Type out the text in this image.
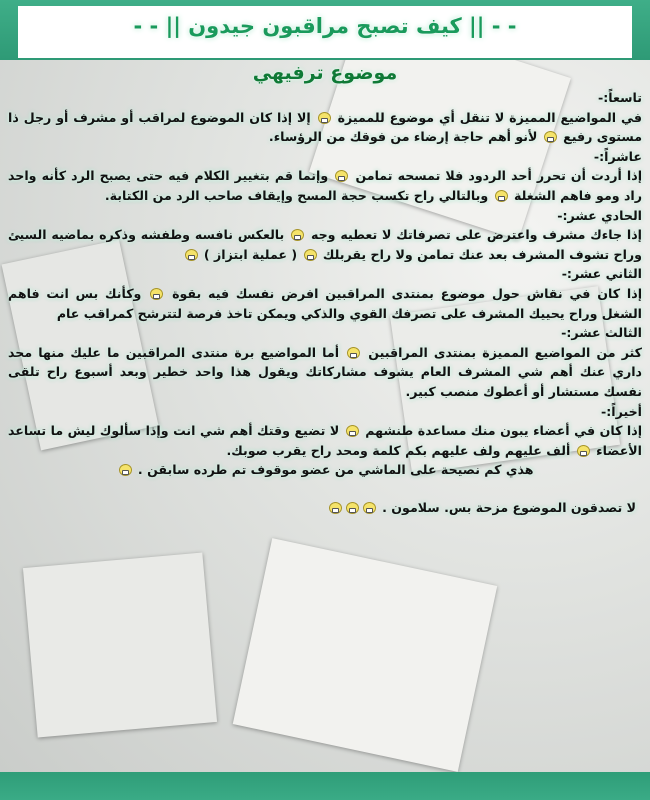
- - || كيف تصبح مراقبون جيدون || - -
موضوع ترفيهي

تاسعاً:-

في المواضيع المميزة لا تنقل أي موضوع للمميزة  إلا إذا كان الموضوع لمراقب أو مشرف أو رجل ذا مستوى رفيع  لأنو أهم حاجة إرضاء من فوقك من الرؤساء.

عاشراً:-

إذا أردت أن تحرر أحد الردود فلا تمسحه تمامن  وإنما قم بتغيير الكلام فيه حتى يصبح الرد كأنه واحد راد ومو فاهم الشغلة  وبالتالي راح تكسب حجة المسح وإيقاف صاحب الرد من الكتابة.

الحادي عشر:-

إذا جاءك مشرف واعترض على تصرفاتك لا تعطيه وجه  بالعكس نافسه وطفشه وذكره بماضيه السيئ وراح تشوف المشرف بعد عنك تمامن ولا راح يقربلك  ( عملية ابتزاز )

الثاني عشر:-

إذا كان في نقاش حول موضوع بمنتدى المراقبين افرض نفسك فيه بقوة  وكأنك بس انت فاهم الشغل وراح يحييك المشرف على تصرفك القوي والذكي ويمكن تاخذ فرصة لتترشح كمراقب عام

الثالث عشر:-

كثر من المواضيع المميزة بمنتدى المراقبين  أما المواضيع برة منتدى المراقبين ما عليك منها محد داري عنك أهم شي المشرف العام يشوف مشاركاتك ويقول هذا واحد خطير وبعد أسبوع راح تلقى نفسك مستشار أو أعطوك منصب كبير.

أخيراً:-

إذا كان في أعضاء يبون منك مساعدة طنشهم  لا تضيع وقتك أهم شي انت وإذا سألوك ليش ما تساعد الأعضاء  ألف عليهم ولف عليهم بكم كلمة ومحد راح يقرب صوبك.

هذي كم نصيحة على الماشي من عضو موقوف تم طرده سابقن .

لا تصدقون الموضوع مزحة بس. سلامون .
